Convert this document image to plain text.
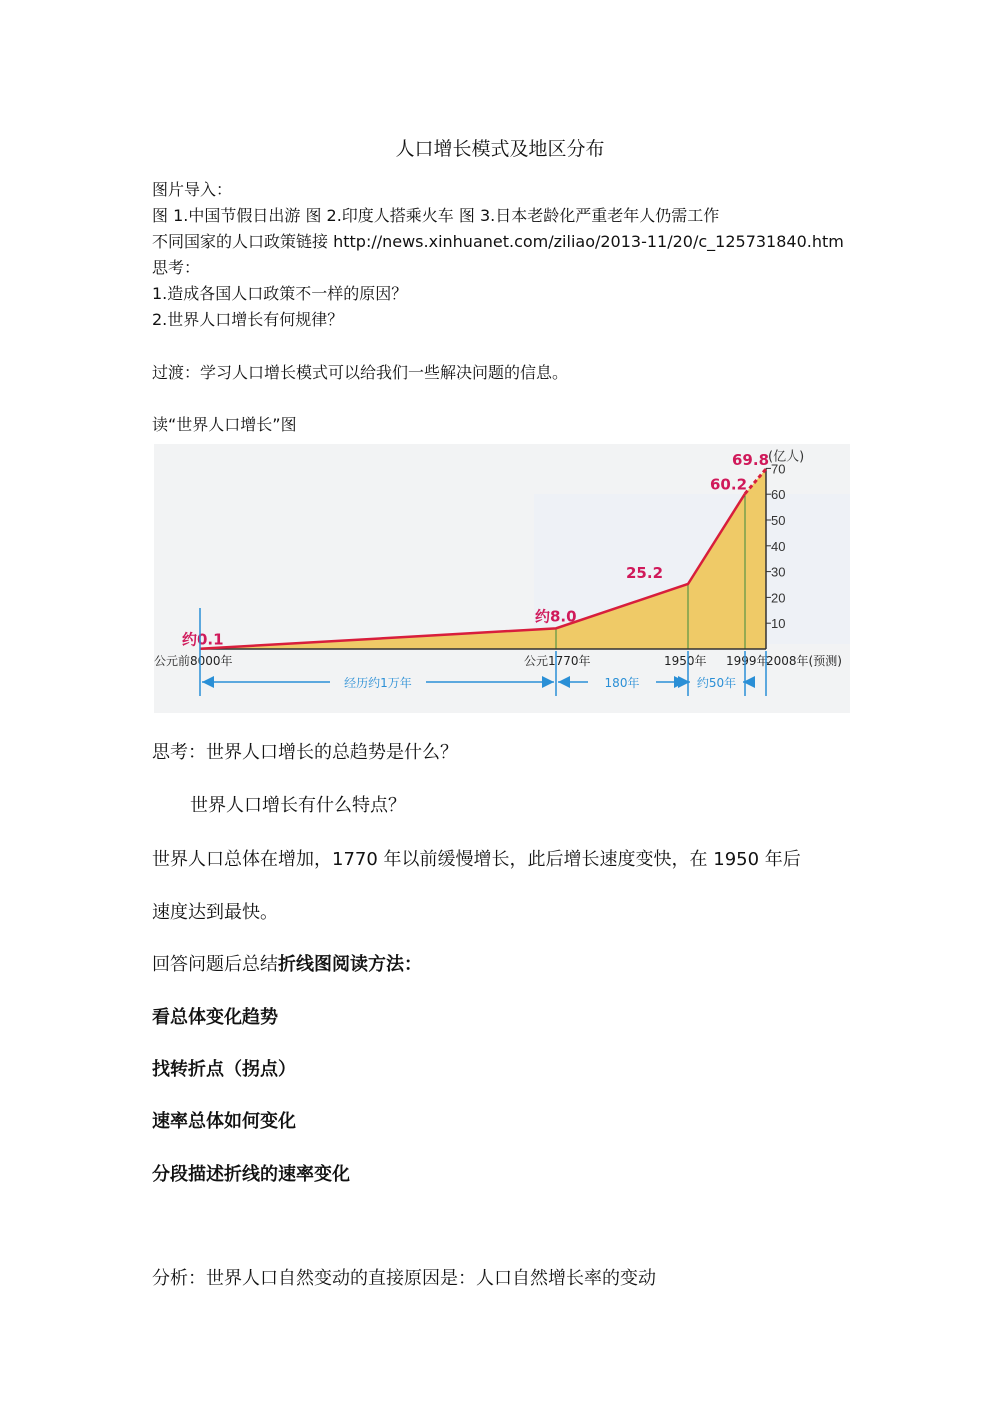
人口增长模式及地区分布
图片导入：
图 1.中国节假日出游 图 2.印度人搭乘火车 图 3.日本老龄化严重老年人仍需工作
不同国家的人口政策链接 http://news.xinhuanet.com/ziliao/2013-11/20/c_125731840.htm
思考：
1.造成各国人口政策不一样的原因？
2.世界人口增长有何规律？
过渡：学习人口增长模式可以给我们一些解决问题的信息。
读“世界人口增长”图
10
20
30
40
50
60
70
(亿人)
约0.1
约8.0
25.2
60.2
69.8
公元前8000年	公元1770年	1950年 1999年
2008年(预测)
经历约1万年	180年	约50年
思考：世界人口增长的总趋势是什么？
世界人口增长有什么特点？
世界人口总体在增加，1770 年以前缓慢增长，此后增长速度变快，在 1950 年后
速度达到最快。
回答问题后总结折线图阅读方法：
看总体变化趋势
找转折点（拐点）
速率总体如何变化
分段描述折线的速率变化
分析：世界人口自然变动的直接原因是：人口自然增长率的变动
